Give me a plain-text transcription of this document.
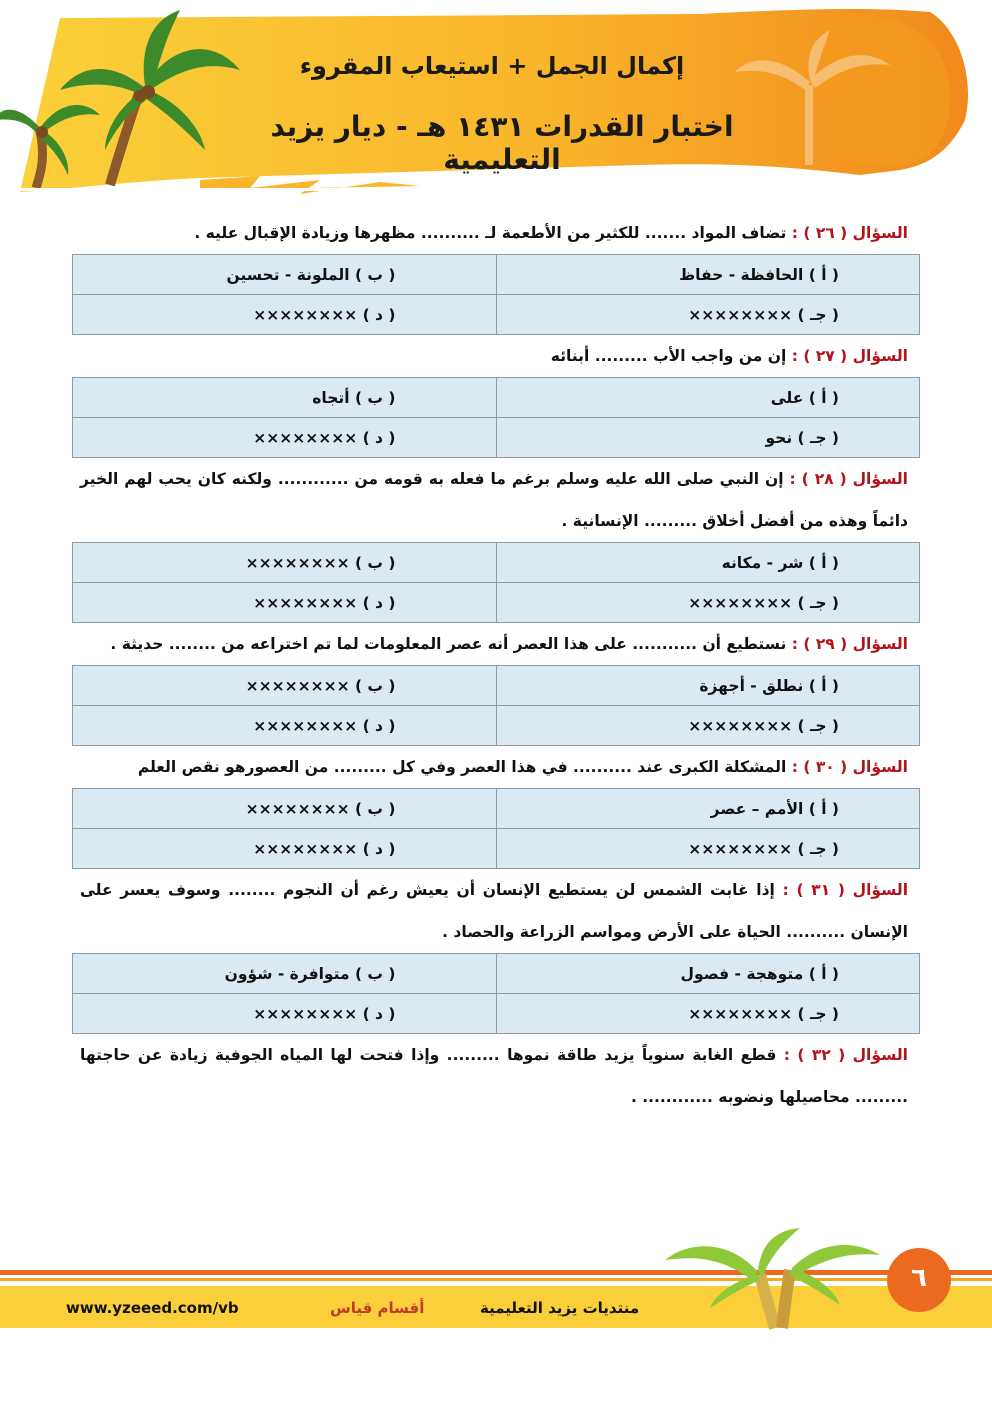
إكمال الجمل + استيعاب المقروء
اختبار القدرات ١٤٣١ هـ - ديار يزيد التعليمية
السؤال ( ٢٦ ) : تضاف المواد ....... للكثير من الأطعمة لـ .......... مظهرها وزيادة الإقبال عليه .
( أ ) الحافظة - حفاظ	( ب ) الملونة - تحسين
( جـ ) ××××××××	( د ) ××××××××
السؤال ( ٢٧ ) : إن من واجب الأب ......... أبنائه
( أ ) على	( ب ) أتجاه
( جـ ) نحو	( د ) ××××××××
السؤال ( ٢٨ ) : إن النبي صلى الله عليه وسلم برغم ما فعله به قومه من ............ ولكنه كان يحب لهم الخير دائماً وهذه من أفضل أخلاق ......... الإنسانية .
( أ ) شر - مكانه	( ب ) ××××××××
( جـ ) ××××××××	( د ) ××××××××
السؤال ( ٢٩ ) : نستطيع أن ........... على هذا العصر أنه عصر المعلومات لما تم اختراعه من ........ حديثة .
( أ ) نطلق - أجهزة	( ب ) ××××××××
( جـ ) ××××××××	( د ) ××××××××
السؤال ( ٣٠ ) : المشكلة الكبرى عند .......... في هذا العصر وفي كل ......... من العصورهو نقص العلم
( أ ) الأمم – عصر	( ب ) ××××××××
( جـ ) ××××××××	( د ) ××××××××
السؤال ( ٣١ ) : إذا غابت الشمس لن يستطيع الإنسان أن يعيش رغم أن النجوم ........ وسوف يعسر على الإنسان .......... الحياة على الأرض ومواسم الزراعة والحصاد .
( أ ) متوهجة - فصول	( ب ) متوافرة - شؤون
( جـ ) ××××××××	( د ) ××××××××
السؤال ( ٣٢ ) : قطع الغابة سنوياً يزيد طاقة نموها ......... وإذا فتحت لها المياه الجوفية زيادة عن حاجتها ......... محاصيلها ونضوبه ............ .
٦
منتديات يزيد التعليمية
أقسام قياس
www.yzeeed.com/vb
